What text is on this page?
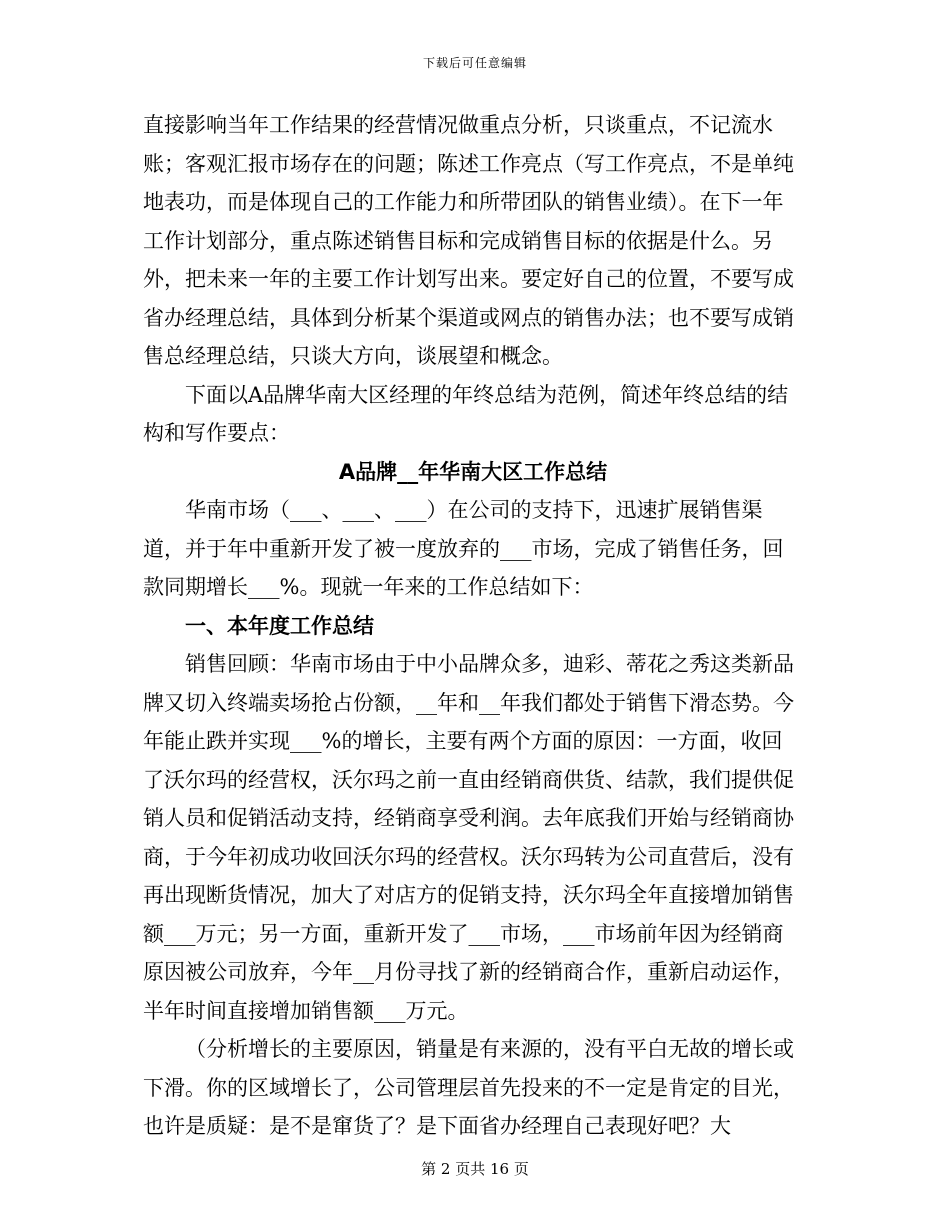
下载后可任意编辑

直接影响当年工作结果的经营情况做重点分析，只谈重点，不记流水账；客观汇报市场存在的问题；陈述工作亮点（写工作亮点，不是单纯地表功，而是体现自己的工作能力和所带团队的销售业绩）。在下一年工作计划部分，重点陈述销售目标和完成销售目标的依据是什么。另外，把未来一年的主要工作计划写出来。要定好自己的位置，不要写成省办经理总结，具体到分析某个渠道或网点的销售办法；也不要写成销售总经理总结，只谈大方向，谈展望和概念。

下面以A品牌华南大区经理的年终总结为范例，简述年终总结的结构和写作要点：

A品牌__年华南大区工作总结

华南市场（___、___、___）在公司的支持下，迅速扩展销售渠道，并于年中重新开发了被一度放弃的___市场，完成了销售任务，回款同期增长___%。现就一年来的工作总结如下：

一、本年度工作总结

销售回顾：华南市场由于中小品牌众多，迪彩、蒂花之秀这类新品牌又切入终端卖场抢占份额，__年和__年我们都处于销售下滑态势。今年能止跌并实现___%的增长，主要有两个方面的原因：一方面，收回了沃尔玛的经营权，沃尔玛之前一直由经销商供货、结款，我们提供促销人员和促销活动支持，经销商享受利润。去年底我们开始与经销商协商，于今年初成功收回沃尔玛的经营权。沃尔玛转为公司直营后，没有再出现断货情况，加大了对店方的促销支持，沃尔玛全年直接增加销售额___万元；另一方面，重新开发了___市场，___市场前年因为经销商原因被公司放弃，今年__月份寻找了新的经销商合作，重新启动运作，半年时间直接增加销售额___万元。

（分析增长的主要原因，销量是有来源的，没有平白无故的增长或下滑。你的区域增长了，公司管理层首先投来的不一定是肯定的目光，也许是质疑：是不是窜货了？是下面省办经理自己表现好吧？大

第 2 页共 16 页
